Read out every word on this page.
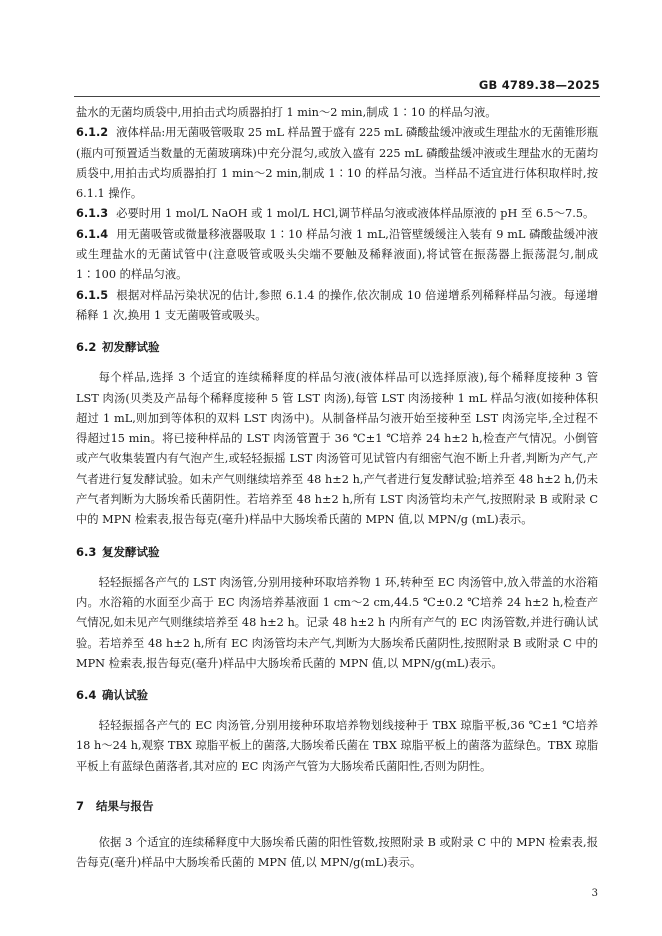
GB 4789.38—2025

盐水的无菌均质袋中,用拍击式均质器拍打 1 min～2 min,制成 1∶10 的样品匀液。

6.1.2 液体样品:用无菌吸管吸取 25 mL 样品置于盛有 225 mL 磷酸盐缓冲液或生理盐水的无菌锥形瓶(瓶内可预置适当数量的无菌玻璃珠)中充分混匀,或放入盛有 225 mL 磷酸盐缓冲液或生理盐水的无菌均质袋中,用拍击式均质器拍打 1 min～2 min,制成 1∶10 的样品匀液。当样品不适宜进行体积取样时,按 6.1.1 操作。

6.1.3 必要时用 1 mol/L NaOH 或 1 mol/L HCl,调节样品匀液或液体样品原液的 pH 至 6.5～7.5。

6.1.4 用无菌吸管或微量移液器吸取 1∶10 样品匀液 1 mL,沿管壁缓缓注入装有 9 mL 磷酸盐缓冲液或生理盐水的无菌试管中(注意吸管或吸头尖端不要触及稀释液面),将试管在振荡器上振荡混匀,制成 1∶100 的样品匀液。

6.1.5 根据对样品污染状况的估计,参照 6.1.4 的操作,依次制成 10 倍递增系列稀释样品匀液。每递增稀释 1 次,换用 1 支无菌吸管或吸头。

6.2 初发酵试验

每个样品,选择 3 个适宜的连续稀释度的样品匀液(液体样品可以选择原液),每个稀释度接种 3 管 LST 肉汤(贝类及产品每个稀释度接种 5 管 LST 肉汤),每管 LST 肉汤接种 1 mL 样品匀液(如接种体积超过 1 mL,则加到等体积的双料 LST 肉汤中)。从制备样品匀液开始至接种至 LST 肉汤完毕,全过程不得超过15 min。将已接种样品的 LST 肉汤管置于 36 ℃±1 ℃培养 24 h±2 h,检查产气情况。小倒管或产气收集装置内有气泡产生,或轻轻振摇 LST 肉汤管可见试管内有细密气泡不断上升者,判断为产气,产气者进行复发酵试验。如未产气则继续培养至 48 h±2 h,产气者进行复发酵试验;培养至 48 h±2 h,仍未产气者判断为大肠埃希氏菌阴性。若培养至 48 h±2 h,所有 LST 肉汤管均未产气,按照附录 B 或附录 C 中的 MPN 检索表,报告每克(毫升)样品中大肠埃希氏菌的 MPN 值,以 MPN/g (mL)表示。

6.3 复发酵试验

轻轻振摇各产气的 LST 肉汤管,分别用接种环取培养物 1 环,转种至 EC 肉汤管中,放入带盖的水浴箱内。水浴箱的水面至少高于 EC 肉汤培养基液面 1 cm～2 cm,44.5 ℃±0.2 ℃培养 24 h±2 h,检查产气情况,如未见产气则继续培养至 48 h±2 h。记录 48 h±2 h 内所有产气的 EC 肉汤管数,并进行确认试验。若培养至 48 h±2 h,所有 EC 肉汤管均未产气,判断为大肠埃希氏菌阴性,按照附录 B 或附录 C 中的 MPN 检索表,报告每克(毫升)样品中大肠埃希氏菌的 MPN 值,以 MPN/g(mL)表示。

6.4 确认试验

轻轻振摇各产气的 EC 肉汤管,分别用接种环取培养物划线接种于 TBX 琼脂平板,36 ℃±1 ℃培养 18 h～24 h,观察 TBX 琼脂平板上的菌落,大肠埃希氏菌在 TBX 琼脂平板上的菌落为蓝绿色。TBX 琼脂平板上有蓝绿色菌落者,其对应的 EC 肉汤产气管为大肠埃希氏菌阳性,否则为阴性。

7 结果与报告

依据 3 个适宜的连续稀释度中大肠埃希氏菌的阳性管数,按照附录 B 或附录 C 中的 MPN 检索表,报告每克(毫升)样品中大肠埃希氏菌的 MPN 值,以 MPN/g(mL)表示。

3
